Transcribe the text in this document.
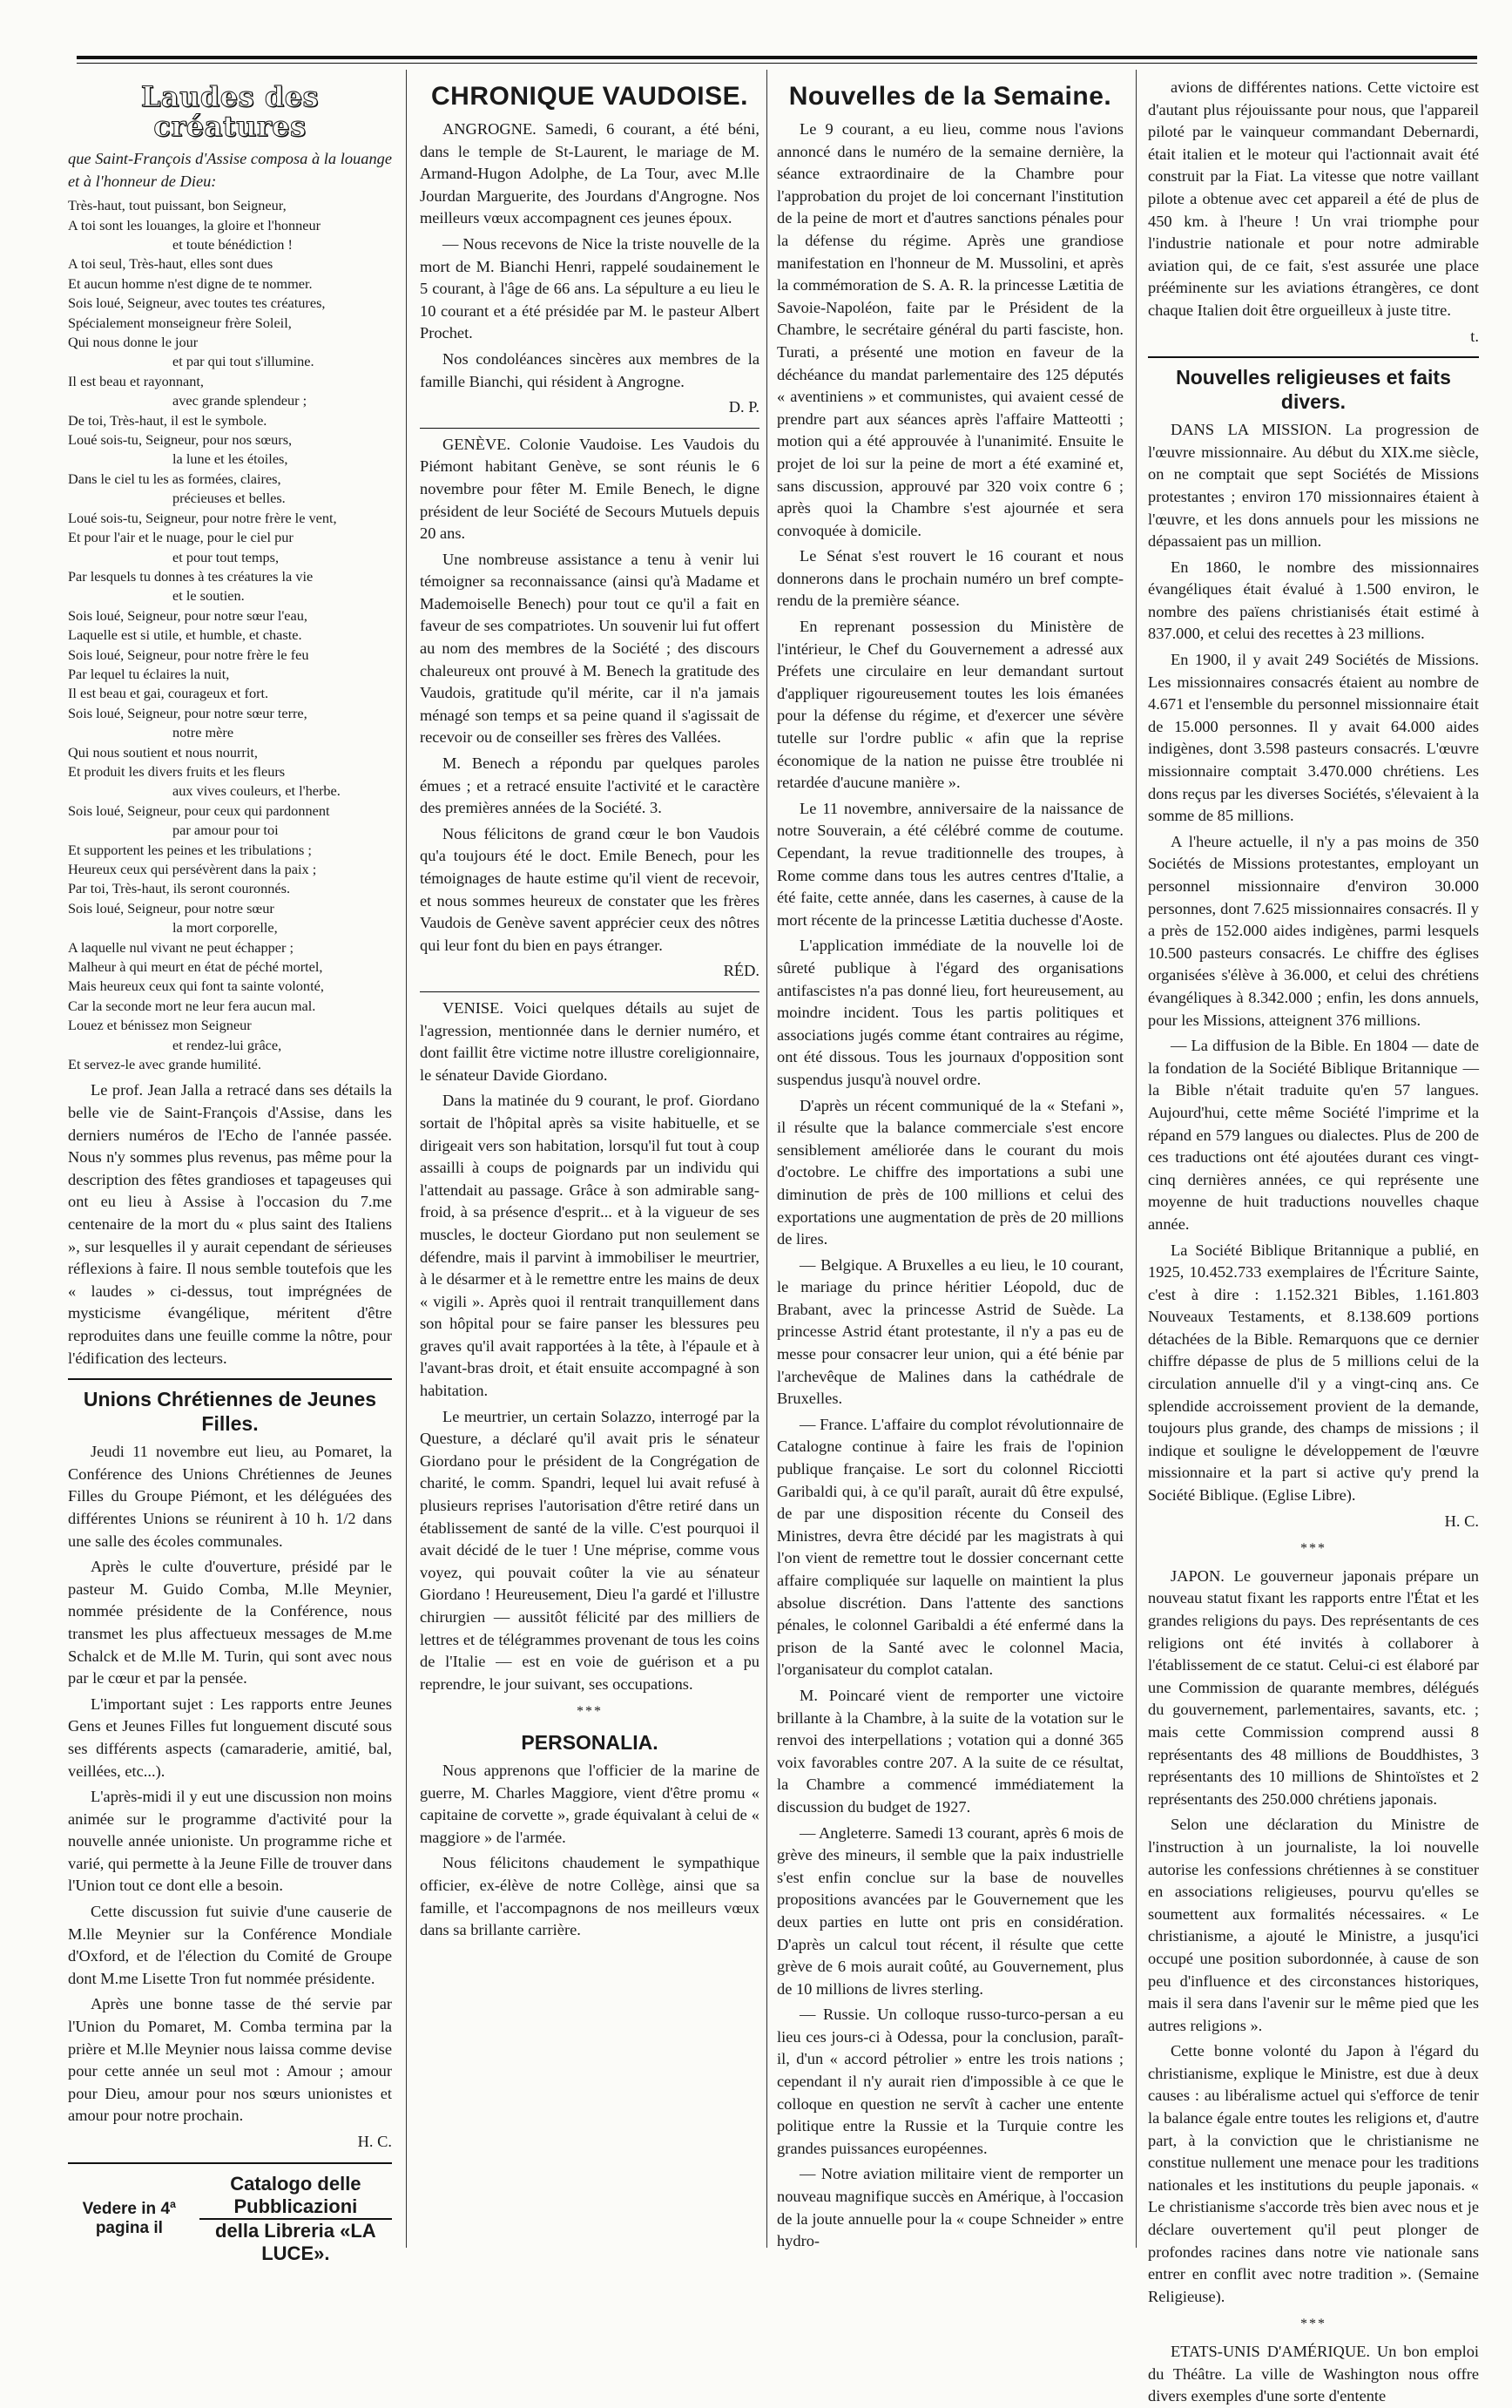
Laudes des créatures
que Saint-François d'Assise composa à la louange et à l'honneur de Dieu:
Très-haut, tout puissant, bon Seigneur,
A toi sont les louanges, la gloire et l'honneur
et toute bénédiction !
A toi seul, Très-haut, elles sont dues
Et aucun homme n'est digne de te nommer.
Sois loué, Seigneur, avec toutes tes créatures,
Spécialement monseigneur frère Soleil,
Qui nous donne le jour
et par qui tout s'illumine.
Il est beau et rayonnant,
avec grande splendeur ;
De toi, Très-haut, il est le symbole.
Loué sois-tu, Seigneur, pour nos sœurs,
la lune et les étoiles,
Dans le ciel tu les as formées, claires,
précieuses et belles.
Loué sois-tu, Seigneur, pour notre frère le vent,
Et pour l'air et le nuage, pour le ciel pur
et pour tout temps,
Par lesquels tu donnes à tes créatures la vie
et le soutien.
Sois loué, Seigneur, pour notre sœur l'eau,
Laquelle est si utile, et humble, et chaste.
Sois loué, Seigneur, pour notre frère le feu
Par lequel tu éclaires la nuit,
Il est beau et gai, courageux et fort.
Sois loué, Seigneur, pour notre sœur terre,
notre mère
Qui nous soutient et nous nourrit,
Et produit les divers fruits et les fleurs
aux vives couleurs, et l'herbe.
Sois loué, Seigneur, pour ceux qui pardonnent
par amour pour toi
Et supportent les peines et les tribulations ;
Heureux ceux qui persévèrent dans la paix ;
Par toi, Très-haut, ils seront couronnés.
Sois loué, Seigneur, pour notre sœur
la mort corporelle,
A laquelle nul vivant ne peut échapper ;
Malheur à qui meurt en état de péché mortel,
Mais heureux ceux qui font ta sainte volonté,
Car la seconde mort ne leur fera aucun mal.
Louez et bénissez mon Seigneur
et rendez-lui grâce,
Et servez-le avec grande humilité.

Le prof. Jean Jalla a retracé dans ses détails la belle vie de Saint-François d'Assise, dans les derniers numéros de l'Echo de l'année passée. Nous n'y sommes plus revenus, pas même pour la description des fêtes grandioses et tapageuses qui ont eu lieu à Assise à l'occasion du 7.me centenaire de la mort du « plus saint des Italiens », sur lesquelles il y aurait cependant de sérieuses réflexions à faire. Il nous semble toutefois que les « laudes » ci-dessus, tout imprégnées de mysticisme évangélique, méritent d'être reproduites dans une feuille comme la nôtre, pour l'édification des lecteurs.

Unions Chrétiennes de Jeunes Filles.

Jeudi 11 novembre eut lieu, au Pomaret, la Conférence des Unions Chrétiennes de Jeunes Filles du Groupe Piémont, et les déléguées des différentes Unions se réunirent à 10 h. 1/2 dans une salle des écoles communales.

Après le culte d'ouverture, présidé par le pasteur M. Guido Comba, M.lle Meynier, nommée présidente de la Conférence, nous transmet les plus affectueux messages de M.me Schalck et de M.lle M. Turin, qui sont avec nous par le cœur et par la pensée.

L'important sujet : Les rapports entre Jeunes Gens et Jeunes Filles fut longuement discuté sous ses différents aspects (camaraderie, amitié, bal, veillées, etc...).

L'après-midi il y eut une discussion non moins animée sur le programme d'activité pour la nouvelle année unioniste. Un programme riche et varié, qui permette à la Jeune Fille de trouver dans l'Union tout ce dont elle a besoin.

Cette discussion fut suivie d'une causerie de M.lle Meynier sur la Conférence Mondiale d'Oxford, et de l'élection du Comité de Groupe dont M.me Lisette Tron fut nommée présidente.

Après une bonne tasse de thé servie par l'Union du Pomaret, M. Comba termina par la prière et M.lle Meynier nous laissa comme devise pour cette année un seul mot : Amour ; amour pour Dieu, amour pour nos sœurs unionistes et amour pour notre prochain.

H. C.
Vedere in 4ª pagina il
Catalogo delle Pubblicazioni
della Libreria «LA LUCE».
CHRONIQUE VAUDOISE.

ANGROGNE. Samedi, 6 courant, a été béni, dans le temple de St-Laurent, le mariage de M. Armand-Hugon Adolphe, de La Tour, avec M.lle Jourdan Marguerite, des Jourdans d'Angrogne. Nos meilleurs vœux accompagnent ces jeunes époux.

— Nous recevons de Nice la triste nouvelle de la mort de M. Bianchi Henri, rappelé soudainement le 5 courant, à l'âge de 66 ans. La sépulture a eu lieu le 10 courant et a été présidée par M. le pasteur Albert Prochet.

Nos condoléances sincères aux membres de la famille Bianchi, qui résident à Angrogne.

D. P.

GENÈVE. Colonie Vaudoise. Les Vaudois du Piémont habitant Genève, se sont réunis le 6 novembre pour fêter M. Emile Benech, le digne président de leur Société de Secours Mutuels depuis 20 ans.

Une nombreuse assistance a tenu à venir lui témoigner sa reconnaissance (ainsi qu'à Madame et Mademoiselle Benech) pour tout ce qu'il a fait en faveur de ses compatriotes. Un souvenir lui fut offert au nom des membres de la Société ; des discours chaleureux ont prouvé à M. Benech la gratitude des Vaudois, gratitude qu'il mérite, car il n'a jamais ménagé son temps et sa peine quand il s'agissait de recevoir ou de conseiller ses frères des Vallées.

M. Benech a répondu par quelques paroles émues ; et a retracé ensuite l'activité et le caractère des premières années de la Société. 3.

Nous félicitons de grand cœur le bon Vaudois qu'a toujours été le doct. Emile Benech, pour les témoignages de haute estime qu'il vient de recevoir, et nous sommes heureux de constater que les frères Vaudois de Genève savent apprécier ceux des nôtres qui leur font du bien en pays étranger.

RÉD.

VENISE. Voici quelques détails au sujet de l'agression, mentionnée dans le dernier numéro, et dont faillit être victime notre illustre coreligionnaire, le sénateur Davide Giordano.

Dans la matinée du 9 courant, le prof. Giordano sortait de l'hôpital après sa visite habituelle, et se dirigeait vers son habitation, lorsqu'il fut tout à coup assailli à coups de poignards par un individu qui l'attendait au passage. Grâce à son admirable sang-froid, à sa présence d'esprit... et à la vigueur de ses muscles, le docteur Giordano put non seulement se défendre, mais il parvint à immobiliser le meurtrier, à le désarmer et à le remettre entre les mains de deux « vigili ». Après quoi il rentrait tranquillement dans son hôpital pour se faire panser les blessures peu graves qu'il avait rapportées à la tête, à l'épaule et à l'avant-bras droit, et était ensuite accompagné à son habitation.

Le meurtrier, un certain Solazzo, interrogé par la Questure, a déclaré qu'il avait pris le sénateur Giordano pour le président de la Congrégation de charité, le comm. Spandri, lequel lui avait refusé à plusieurs reprises l'autorisation d'être retiré dans un établissement de santé de la ville. C'est pourquoi il avait décidé de le tuer ! Une méprise, comme vous voyez, qui pouvait coûter la vie au sénateur Giordano ! Heureusement, Dieu l'a gardé et l'illustre chirurgien — aussitôt félicité par des milliers de lettres et de télégrammes provenant de tous les coins de l'Italie — est en voie de guérison et a pu reprendre, le jour suivant, ses occupations.

***
PERSONALIA.

Nous apprenons que l'officier de la marine de guerre, M. Charles Maggiore, vient d'être promu « capitaine de corvette », grade équivalant à celui de « maggiore » de l'armée.

Nous félicitons chaudement le sympathique officier, ex-élève de notre Collège, ainsi que sa famille, et l'accompagnons de nos meilleurs vœux dans sa brillante carrière.

Nouvelles de la Semaine.

Le 9 courant, a eu lieu, comme nous l'avions annoncé dans le numéro de la semaine dernière, la séance extraordinaire de la Chambre pour l'approbation du projet de loi concernant l'institution de la peine de mort et d'autres sanctions pénales pour la défense du régime. Après une grandiose manifestation en l'honneur de M. Mussolini, et après la commémoration de S. A. R. la princesse Lætitia de Savoie-Napoléon, faite par le Président de la Chambre, le secrétaire général du parti fasciste, hon. Turati, a présenté une motion en faveur de la déchéance du mandat parlementaire des 125 députés « aventiniens » et communistes, qui avaient cessé de prendre part aux séances après l'affaire Matteotti ; motion qui a été approuvée à l'unanimité. Ensuite le projet de loi sur la peine de mort a été examiné et, sans discussion, approuvé par 320 voix contre 6 ; après quoi la Chambre s'est ajournée et sera convoquée à domicile.

Le Sénat s'est rouvert le 16 courant et nous donnerons dans le prochain numéro un bref compte-rendu de la première séance.

En reprenant possession du Ministère de l'intérieur, le Chef du Gouvernement a adressé aux Préfets une circulaire en leur demandant surtout d'appliquer rigoureusement toutes les lois émanées pour la défense du régime, et d'exercer une sévère tutelle sur l'ordre public « afin que la reprise économique de la nation ne puisse être troublée ni retardée d'aucune manière ».

Le 11 novembre, anniversaire de la naissance de notre Souverain, a été célébré comme de coutume. Cependant, la revue traditionnelle des troupes, à Rome comme dans tous les autres centres d'Italie, a été faite, cette année, dans les casernes, à cause de la mort récente de la princesse Lætitia duchesse d'Aoste.

L'application immédiate de la nouvelle loi de sûreté publique à l'égard des organisations antifascistes n'a pas donné lieu, fort heureusement, au moindre incident. Tous les partis politiques et associations jugés comme étant contraires au régime, ont été dissous. Tous les journaux d'opposition sont suspendus jusqu'à nouvel ordre.

D'après un récent communiqué de la « Stefani », il résulte que la balance commerciale s'est encore sensiblement améliorée dans le courant du mois d'octobre. Le chiffre des importations a subi une diminution de près de 100 millions et celui des exportations une augmentation de près de 20 millions de lires.

— Belgique. A Bruxelles a eu lieu, le 10 courant, le mariage du prince héritier Léopold, duc de Brabant, avec la princesse Astrid de Suède. La princesse Astrid étant protestante, il n'y a pas eu de messe pour consacrer leur union, qui a été bénie par l'archevêque de Malines dans la cathédrale de Bruxelles.

— France. L'affaire du complot révolutionnaire de Catalogne continue à faire les frais de l'opinion publique française. Le sort du colonnel Ricciotti Garibaldi qui, à ce qu'il paraît, aurait dû être expulsé, de par une disposition récente du Conseil des Ministres, devra être décidé par les magistrats à qui l'on vient de remettre tout le dossier concernant cette affaire compliquée sur laquelle on maintient la plus absolue discrétion. Dans l'attente des sanctions pénales, le colonnel Garibaldi a été enfermé dans la prison de la Santé avec le colonnel Macia, l'organisateur du complot catalan.

M. Poincaré vient de remporter une victoire brillante à la Chambre, à la suite de la votation sur le renvoi des interpellations ; votation qui a donné 365 voix favorables contre 207. A la suite de ce résultat, la Chambre a commencé immédiatement la discussion du budget de 1927.

— Angleterre. Samedi 13 courant, après 6 mois de grève des mineurs, il semble que la paix industrielle s'est enfin conclue sur la base de nouvelles propositions avancées par le Gouvernement que les deux parties en lutte ont pris en considération. D'après un calcul tout récent, il résulte que cette grève de 6 mois aurait coûté, au Gouvernement, plus de 10 millions de livres sterling.

— Russie. Un colloque russo-turco-persan a eu lieu ces jours-ci à Odessa, pour la conclusion, paraît-il, d'un « accord pétrolier » entre les trois nations ; cependant il n'y aurait rien d'impossible à ce que le colloque en question ne servît à cacher une entente politique entre la Russie et la Turquie contre les grandes puissances européennes.

— Notre aviation militaire vient de remporter un nouveau magnifique succès en Amérique, à l'occasion de la joute annuelle pour la « coupe Schneider » entre hydro-

avions de différentes nations. Cette victoire est d'autant plus réjouissante pour nous, que l'appareil piloté par le vainqueur commandant Debernardi, était italien et le moteur qui l'actionnait avait été construit par la Fiat. La vitesse que notre vaillant pilote a obtenue avec cet appareil a été de plus de 450 km. à l'heure ! Un vrai triomphe pour l'industrie nationale et pour notre admirable aviation qui, de ce fait, s'est assurée une place prééminente sur les aviations étrangères, ce dont chaque Italien doit être orgueilleux à juste titre.

t.
Nouvelles religieuses et faits divers.

DANS LA MISSION. La progression de l'œuvre missionnaire. Au début du XIX.me siècle, on ne comptait que sept Sociétés de Missions protestantes ; environ 170 missionnaires étaient à l'œuvre, et les dons annuels pour les missions ne dépassaient pas un million.

En 1860, le nombre des missionnaires évangéliques était évalué à 1.500 environ, le nombre des païens christianisés était estimé à 837.000, et celui des recettes à 23 millions.

En 1900, il y avait 249 Sociétés de Missions. Les missionnaires consacrés étaient au nombre de 4.671 et l'ensemble du personnel missionnaire était de 15.000 personnes. Il y avait 64.000 aides indigènes, dont 3.598 pasteurs consacrés. L'œuvre missionnaire comptait 3.470.000 chrétiens. Les dons reçus par les diverses Sociétés, s'élevaient à la somme de 85 millions.

A l'heure actuelle, il n'y a pas moins de 350 Sociétés de Missions protestantes, employant un personnel missionnaire d'environ 30.000 personnes, dont 7.625 missionnaires consacrés. Il y a près de 152.000 aides indigènes, parmi lesquels 10.500 pasteurs consacrés. Le chiffre des églises organisées s'élève à 36.000, et celui des chrétiens évangéliques à 8.342.000 ; enfin, les dons annuels, pour les Missions, atteignent 376 millions.

— La diffusion de la Bible. En 1804 — date de la fondation de la Société Biblique Britannique — la Bible n'était traduite qu'en 57 langues. Aujourd'hui, cette même Société l'imprime et la répand en 579 langues ou dialectes. Plus de 200 de ces traductions ont été ajoutées durant ces vingt-cinq dernières années, ce qui représente une moyenne de huit traductions nouvelles chaque année.

La Société Biblique Britannique a publié, en 1925, 10.452.733 exemplaires de l'Écriture Sainte, c'est à dire : 1.152.321 Bibles, 1.161.803 Nouveaux Testaments, et 8.138.609 portions détachées de la Bible. Remarquons que ce dernier chiffre dépasse de plus de 5 millions celui de la circulation annuelle d'il y a vingt-cinq ans. Ce splendide accroissement provient de la demande, toujours plus grande, des champs de missions ; il indique et souligne le développement de l'œuvre missionnaire et la part si active qu'y prend la Société Biblique. (Eglise Libre).

H. C.
***

JAPON. Le gouverneur japonais prépare un nouveau statut fixant les rapports entre l'État et les grandes religions du pays. Des représentants de ces religions ont été invités à collaborer à l'établissement de ce statut. Celui-ci est élaboré par une Commission de quarante membres, délégués du gouvernement, parlementaires, savants, etc. ; mais cette Commission comprend aussi 8 représentants des 48 millions de Bouddhistes, 3 représentants des 10 millions de Shintoïstes et 2 représentants des 250.000 chrétiens japonais.

Selon une déclaration du Ministre de l'instruction à un journaliste, la loi nouvelle autorise les confessions chrétiennes à se constituer en associations religieuses, pourvu qu'elles se soumettent aux formalités nécessaires. « Le christianisme, a ajouté le Ministre, a jusqu'ici occupé une position subordonnée, à cause de son peu d'influence et des circonstances historiques, mais il sera dans l'avenir sur le même pied que les autres religions ».

Cette bonne volonté du Japon à l'égard du christianisme, explique le Ministre, est due à deux causes : au libéralisme actuel qui s'efforce de tenir la balance égale entre toutes les religions et, d'autre part, à la conviction que le christianisme ne constitue nullement une menace pour les traditions nationales et les institutions du peuple japonais. « Le christianisme s'accorde très bien avec nous et je déclare ouvertement qu'il peut plonger de profondes racines dans notre vie nationale sans entrer en conflit avec notre tradition ». (Semaine Religieuse).

***

ETATS-UNIS D'AMÉRIQUE. Un bon emploi du Théâtre. La ville de Washington nous offre divers exemples d'une sorte d'entente
